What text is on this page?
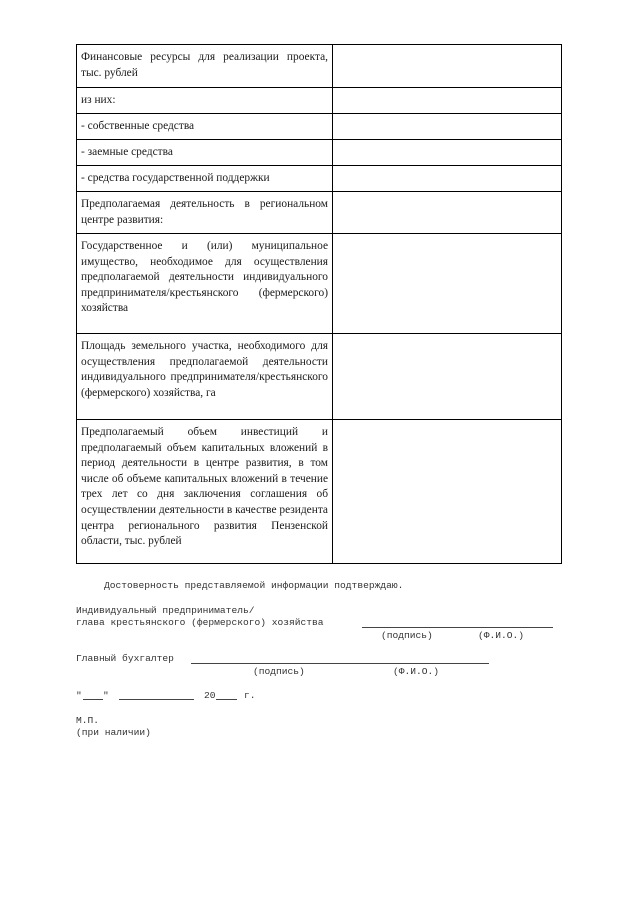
Финансовые ресурсы для реализации проекта, тыс. рублей	

из них:	

- собственные средства	

- заемные средства	

- средства государственной поддержки	

Предполагаемая деятельность в региональном центре развития:	

Государственное и (или) муниципальное имущество, необходимое для осуществления предполагаемой деятельности индивидуального предпринимателя/крестьянского (фермерского) хозяйства	

Площадь земельного участка, необходимого для осуществления предполагаемой деятельности индивидуального предпринимателя/крестьянского (фермерского) хозяйства, га	

Предполагаемый объем инвестиций и предполагаемый объем капитальных вложений в период деятельности в центре развития, в том числе об объеме капитальных вложений в течение трех лет со дня заключения соглашения об осуществлении деятельности в качестве резидента центра регионального развития Пензенской области, тыс. рублей	

Достоверность представляемой информации подтверждаю.
Индивидуальный предприниматель/
глава крестьянского (фермерского) хозяйства
(подпись)	(Ф.И.О.)
Главный бухгалтер
(подпись)	(Ф.И.О.)
" "	20	г.
М.П.
(при наличии)
